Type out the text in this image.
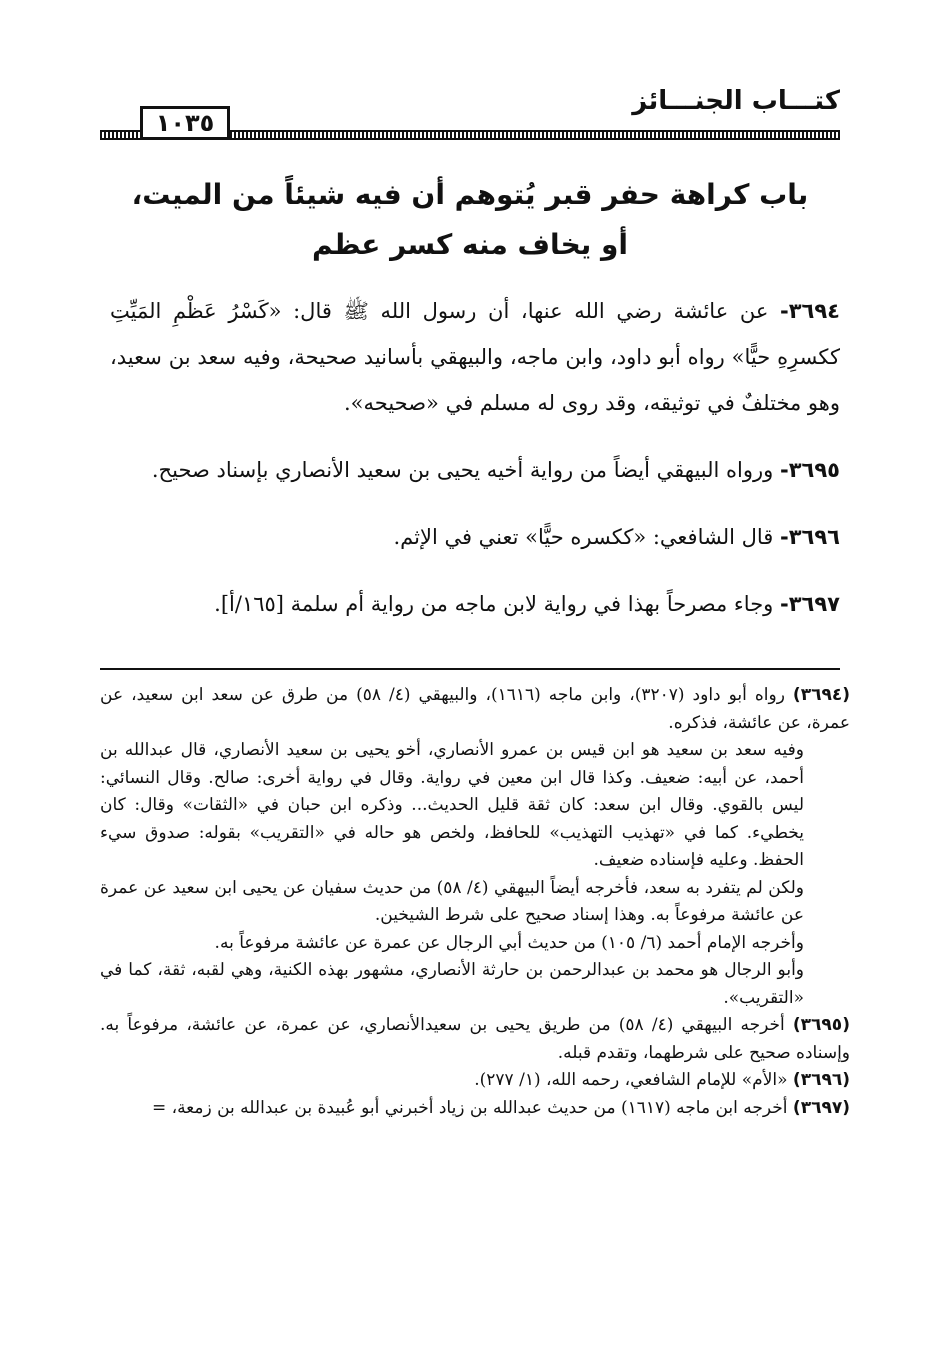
كتـــاب الجنـــائز
١٠٣٥
باب كراهة حفر قبر يُتوهم أن فيه شيئاً من الميت،
أو يخاف منه كسر عظم

٣٦٩٤- عن عائشة رضي الله عنها، أن رسول الله ﷺ قال: «كَسْرُ عَظْمِ المَيِّتِ ككسرِهِ حيًّا» رواه أبو داود، وابن ماجه، والبيهقي بأسانيد صحيحة، وفيه سعد بن سعيد، وهو مختلفٌ في توثيقه، وقد روى له مسلم في «صحيحه».

٣٦٩٥- ورواه البيهقي أيضاً من رواية أخيه يحيى بن سعيد الأنصاري بإسناد صحيح.

٣٦٩٦- قال الشافعي: «ككسره حيًّا» تعني في الإثم.

٣٦٩٧- وجاء مصرحاً بهذا في رواية لابن ماجه من رواية أم سلمة [١٦٥/أ].

(٣٦٩٤) رواه أبو داود (٣٢٠٧)، وابن ماجه (١٦١٦)، والبيهقي (٤/ ٥٨) من طرق عن سعد ابن سعيد، عن عمرة، عن عائشة، فذكره.
وفيه سعد بن سعيد هو ابن قيس بن عمرو الأنصاري، أخو يحيى بن سعيد الأنصاري، قال عبدالله بن أحمد، عن أبيه: ضعيف. وكذا قال ابن معين في رواية. وقال في رواية أخرى: صالح. وقال النسائي: ليس بالقوي. وقال ابن سعد: كان ثقة قليل الحديث... وذكره ابن حبان في «الثقات» وقال: كان يخطيء. كما في «تهذيب التهذيب» للحافظ، ولخص هو حاله في «التقريب» بقوله: صدوق سيء الحفظ. وعليه فإسناده ضعيف.
ولكن لم يتفرد به سعد، فأخرجه أيضاً البيهقي (٤/ ٥٨) من حديث سفيان عن يحيى ابن سعيد عن عمرة عن عائشة مرفوعاً به. وهذا إسناد صحيح على شرط الشيخين.
وأخرجه الإمام أحمد (٦/ ١٠٥) من حديث أبي الرجال عن عمرة عن عائشة مرفوعاً به.
وأبو الرجال هو محمد بن عبدالرحمن بن حارثة الأنصاري، مشهور بهذه الكنية، وهي لقبه، ثقة، كما في «التقريب».
(٣٦٩٥) أخرجه البيهقي (٤/ ٥٨) من طريق يحيى بن سعيدالأنصاري، عن عمرة، عن عائشة، مرفوعاً به. وإسناده صحيح على شرطهما، وتقدم قبله.
(٣٦٩٦) «الأم» للإمام الشافعي، رحمه الله، (١/ ٢٧٧).
(٣٦٩٧) أخرجه ابن ماجه (١٦١٧) من حديث عبدالله بن زياد أخبرني أبو عُبيدة بن عبدالله بن زمعة، =
